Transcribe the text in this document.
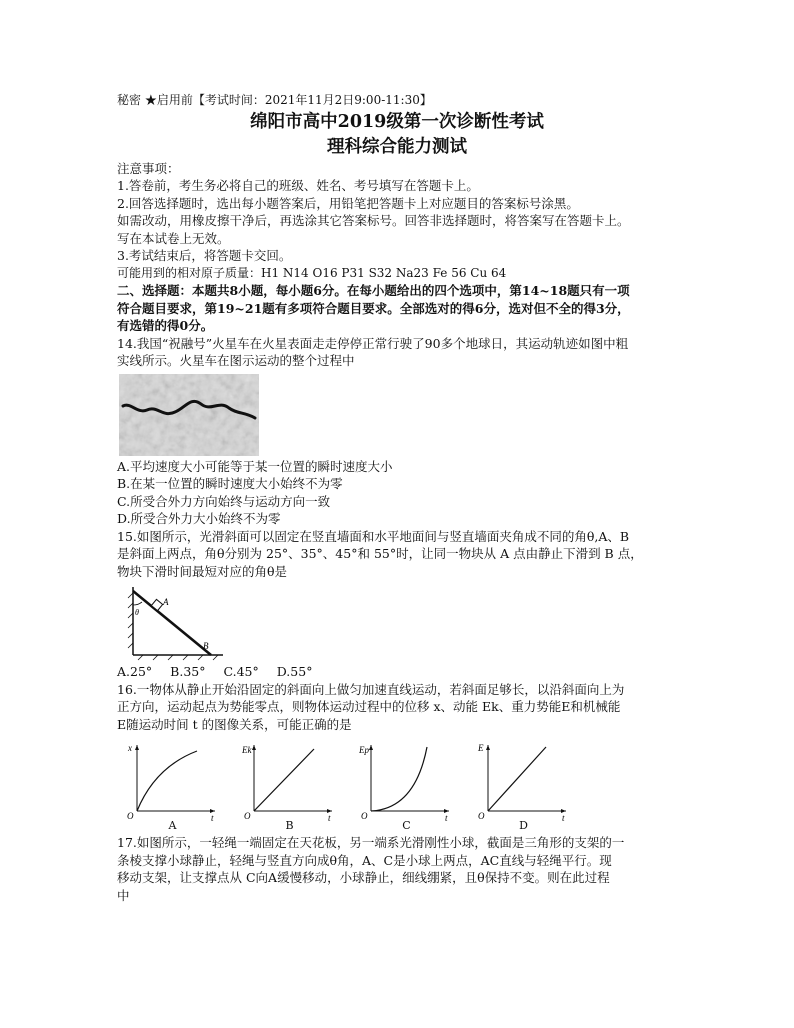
秘密 ★启用前【考试时间：2021年11月2日9:00-11:30】
绵阳市高中2019级第一次诊断性考试
理科综合能力测试
注意事项：
1.答卷前，考生务必将自己的班级、姓名、考号填写在答题卡上。
2.回答选择题时，选出每小题答案后，用铅笔把答题卡上对应题目的答案标号涂黑。
如需改动，用橡皮擦干净后，再选涂其它答案标号。回答非选择题时，将答案写在答题卡上。
写在本试卷上无效。
3.考试结束后，将答题卡交回。
可能用到的相对原子质量：H1 N14 O16 P31 S32 Na23 Fe 56 Cu 64
二、选择题：本题共8小题，每小题6分。在每小题给出的四个选项中，第14~18题只有一项
符合题目要求，第19~21题有多项符合题目要求。全部选对的得6分，选对但不全的得3分，
有选错的得0分。
14.我国“祝融号”火星车在火星表面走走停停正常行驶了90多个地球日，其运动轨迹如图中粗
实线所示。火星车在图示运动的整个过程中
A.平均速度大小可能等于某一位置的瞬时速度大小
B.在某一位置的瞬时速度大小始终不为零
C.所受合外力方向始终与运动方向一致
D.所受合外力大小始终不为零
15.如图所示，光滑斜面可以固定在竖直墙面和水平地面间与竖直墙面夹角成不同的角θ,A、B
是斜面上两点，角θ分别为 25°、35°、45°和 55°时，让同一物块从 A 点由静止下滑到 B 点，
物块下滑时间最短对应的角θ是
θ
A
B
A.25° B.35° C.45° D.55°
16.一物体从静止开始沿固定的斜面向上做匀加速直线运动，若斜面足够长，以沿斜面向上为
正方向，运动起点为势能零点，则物体运动过程中的位移 x、动能 Ek、重力势能E和机械能
E随运动时间 t 的图像关系，可能正确的是
x
O	t
A
Ek
O	t
B
Ep
O	t
C
E
O	t
D
17.如图所示，一轻绳一端固定在天花板，另一端系光滑刚性小球，截面是三角形的支架的一
条棱支撑小球静止，轻绳与竖直方向成θ角，A、C是小球上两点，AC直线与轻绳平行。现
移动支架，让支撑点从 C向A缓慢移动，小球静止，细线绷紧，且θ保持不变。则在此过程
中
